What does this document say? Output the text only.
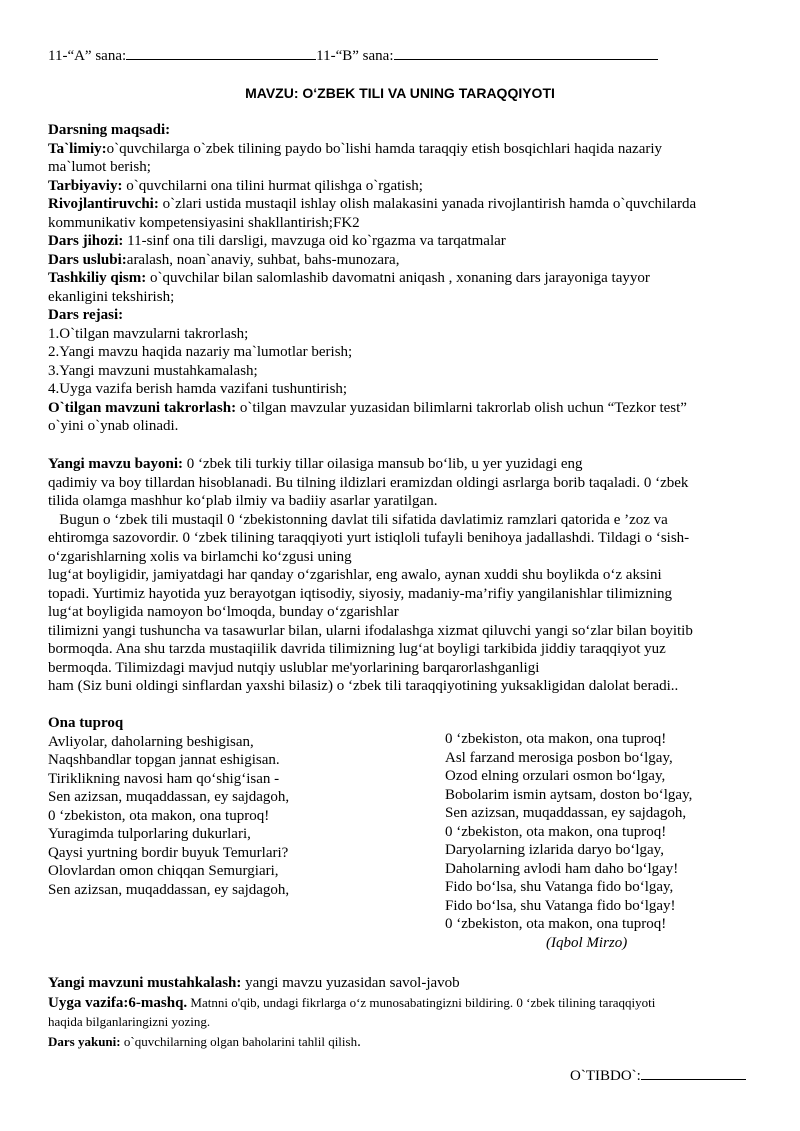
11-“A” sana:	11-“B” sana:
MAVZU: O‘ZBEK TILI VA UNING TARAQQIYOTI
Darsning maqsadi:
Ta`limiy:o`quvchilarga o`zbek tilining paydo bo`lishi hamda taraqqiy etish bosqichlari haqida nazariy
ma`lumot berish;
Tarbiyaviy: o`quvchilarni ona tilini hurmat qilishga o`rgatish;
Rivojlantiruvchi: o`zlari ustida mustaqil ishlay olish malakasini yanada rivojlantirish hamda o`quvchilarda
kommunikativ kompetensiyasini shakllantirish;FK2
Dars jihozi: 11-sinf ona tili darsligi, mavzuga oid ko`rgazma va tarqatmalar
Dars uslubi:aralash, noan`anaviy, suhbat, bahs-munozara,
Tashkiliy qism: o`quvchilar bilan salomlashib davomatni aniqash , xonaning dars jarayoniga tayyor
ekanligini tekshirish;
Dars rejasi:
1.O`tilgan mavzularni takrorlash;
2.Yangi mavzu haqida nazariy ma`lumotlar berish;
3.Yangi mavzuni mustahkamalash;
4.Uyga vazifa berish hamda vazifani tushuntirish;
O`tilgan mavzuni takrorlash: o`tilgan mavzular yuzasidan bilimlarni takrorlab olish uchun “Tezkor test”
o`yini o`ynab olinadi.
Yangi mavzu bayoni: 0 ‘zbek tili turkiy tillar oilasiga mansub bo‘lib, u yer yuzidagi eng
qadimiy va boy tillardan hisoblanadi. Bu tilning ildizlari eramizdan oldingi asrlarga borib taqaladi. 0 ‘zbek
tilida olamga mashhur ko‘plab ilmiy va badiiy asarlar yaratilgan.
Bugun o ‘zbek tili mustaqil 0 ‘zbekistonning davlat tili sifatida davlatimiz ramzlari qatorida e ’zoz va
ehtiromga sazovordir. 0 ‘zbek tilining taraqqiyoti yurt istiqloli tufayli benihoya jadallashdi. Tildagi o ‘sish-
o‘zgarishlarning xolis va birlamchi ko‘zgusi uning
lug‘at boyligidir, jamiyatdagi har qanday o‘zgarishlar, eng awalo, aynan xuddi shu boylikda o‘z aksini
topadi. Yurtimiz hayotida yuz berayotgan iqtisodiy, siyosiy, madaniy-ma’rifiy yangilanishlar tilimizning
lug‘at boyligida namoyon bo‘lmoqda, bunday o‘zgarishlar
tilimizni yangi tushuncha va tasawurlar bilan, ularni ifodalashga xizmat qiluvchi yangi so‘zlar bilan boyitib
bormoqda. Ana shu tarzda mustaqiilik davrida tilimizning lug‘at boyligi tarkibida jiddiy taraqqiyot yuz
bermoqda. Tilimizdagi mavjud nutqiy uslublar me'yorlarining barqarorlashganligi
ham (Siz buni oldingi sinflardan yaxshi bilasiz) o ‘zbek tili taraqqiyotining yuksakligidan dalolat beradi..
Ona tuproq
Avliyolar, daholarning beshigisan,
Naqshbandlar topgan jannat eshigisan.
Tiriklikning navosi ham qo‘shig‘isan -
Sen azizsan, muqaddassan, ey sajdagoh,
0 ‘zbekiston, ota makon, ona tuproq!
Yuragimda tulporlaring dukurlari,
Qaysi yurtning bordir buyuk Temurlari?
Olovlardan omon chiqqan Semurgiari,
Sen azizsan, muqaddassan, ey sajdagoh,
0 ‘zbekiston, ota makon, ona tuproq!
Asl farzand merosiga posbon bo‘lgay,
Ozod elning orzulari osmon bo‘lgay,
Bobolarim ismin aytsam, doston bo‘lgay,
Sen azizsan, muqaddassan, ey sajdagoh,
0 ‘zbekiston, ota makon, ona tuproq!
Daryolarning izlarida daryo bo‘lgay,
Daholarning avlodi ham daho bo‘lgay!
Fido bo‘lsa, shu Vatanga fido bo‘lgay,
Fido bo‘lsa, shu Vatanga fido bo‘lgay!
0 ‘zbekiston, ota makon, ona tuproq!
(Iqbol Mirzo)
Yangi mavzuni mustahkalash: yangi mavzu yuzasidan savol-javob
Uyga vazifa:6-mashq. Matnni o'qib, undagi fikrlarga o‘z munosabatingizni bildiring. 0 ‘zbek tilining taraqqiyoti
haqida bilganlaringizni yozing.
Dars yakuni: o`quvchilarning olgan baholarini tahlil qilish.
O`TIBDO`:
